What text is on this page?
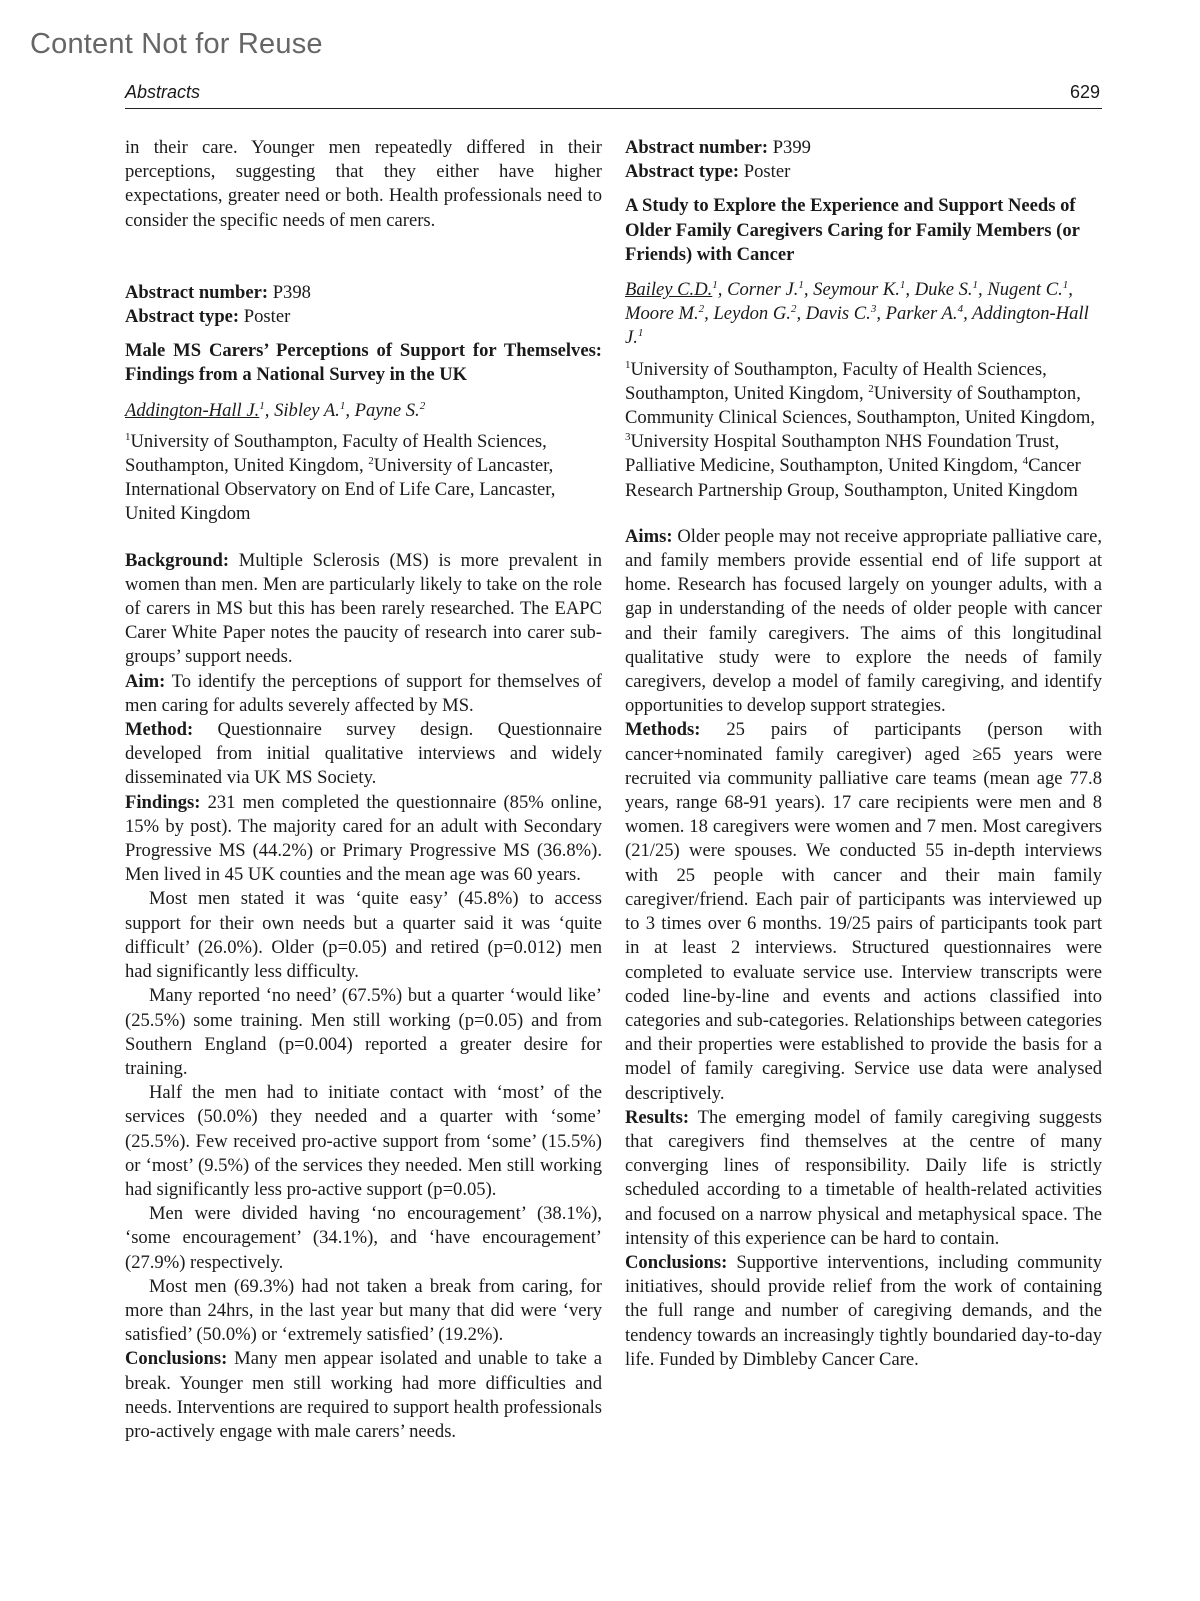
Content Not for Reuse
Abstracts	629

in their care. Younger men repeatedly differed in their perceptions, suggesting that they either have higher expectations, greater need or both. Health professionals need to consider the specific needs of men carers.

Abstract number: P398
Abstract type: Poster

Male MS Carers’ Perceptions of Support for Themselves: Findings from a National Survey in the UK

Addington-Hall J.$^1$, Sibley A.$^1$, Payne S.$^2$

$^1$University of Southampton, Faculty of Health Sciences, Southampton, United Kingdom, $^2$University of Lancaster, International Observatory on End of Life Care, Lancaster, United Kingdom

Background: Multiple Sclerosis (MS) is more prevalent in women than men. Men are particularly likely to take on the role of carers in MS but this has been rarely researched. The EAPC Carer White Paper notes the paucity of research into carer sub-groups’ support needs.

Aim: To identify the perceptions of support for themselves of men caring for adults severely affected by MS.

Method: Questionnaire survey design. Questionnaire developed from initial qualitative interviews and widely disseminated via UK MS Society.

Findings: 231 men completed the questionnaire (85% online, 15% by post). The majority cared for an adult with Secondary Progressive MS (44.2%) or Primary Progressive MS (36.8%). Men lived in 45 UK counties and the mean age was 60 years.

Most men stated it was ‘quite easy’ (45.8%) to access support for their own needs but a quarter said it was ‘quite difficult’ (26.0%). Older (p=0.05) and retired (p=0.012) men had significantly less difficulty.

Many reported ‘no need’ (67.5%) but a quarter ‘would like’ (25.5%) some training. Men still working (p=0.05) and from Southern England (p=0.004) reported a greater desire for training.

Half the men had to initiate contact with ‘most’ of the services (50.0%) they needed and a quarter with ‘some’ (25.5%). Few received pro-active support from ‘some’ (15.5%) or ‘most’ (9.5%) of the services they needed. Men still working had significantly less pro-active support (p=0.05).

Men were divided having ‘no encouragement’ (38.1%), ‘some encouragement’ (34.1%), and ‘have encouragement’ (27.9%) respectively.

Most men (69.3%) had not taken a break from caring, for more than 24hrs, in the last year but many that did were ‘very satisfied’ (50.0%) or ‘extremely satisfied’ (19.2%).

Conclusions: Many men appear isolated and unable to take a break. Younger men still working had more difficulties and needs. Interventions are required to support health professionals pro-actively engage with male carers’ needs.

Abstract number: P399
Abstract type: Poster

A Study to Explore the Experience and Support Needs of Older Family Caregivers Caring for Family Members (or Friends) with Cancer

Bailey C.D.$^1$, Corner J.$^1$, Seymour K.$^1$, Duke S.$^1$, Nugent C.$^1$, Moore M.$^2$, Leydon G.$^2$, Davis C.$^3$, Parker A.$^4$, Addington-Hall J.$^1$

$^1$University of Southampton, Faculty of Health Sciences, Southampton, United Kingdom, $^2$University of Southampton, Community Clinical Sciences, Southampton, United Kingdom, $^3$University Hospital Southampton NHS Foundation Trust, Palliative Medicine, Southampton, United Kingdom, $^4$Cancer Research Partnership Group, Southampton, United Kingdom

Aims: Older people may not receive appropriate palliative care, and family members provide essential end of life support at home. Research has focused largely on younger adults, with a gap in understanding of the needs of older people with cancer and their family caregivers. The aims of this longitudinal qualitative study were to explore the needs of family caregivers, develop a model of family caregiving, and identify opportunities to develop support strategies.

Methods: 25 pairs of participants (person with cancer+nominated family caregiver) aged ≥65 years were recruited via community palliative care teams (mean age 77.8 years, range 68-91 years). 17 care recipients were men and 8 women. 18 caregivers were women and 7 men. Most caregivers (21/25) were spouses. We conducted 55 in-depth interviews with 25 people with cancer and their main family caregiver/friend. Each pair of participants was interviewed up to 3 times over 6 months. 19/25 pairs of participants took part in at least 2 interviews. Structured questionnaires were completed to evaluate service use. Interview transcripts were coded line-by-line and events and actions classified into categories and sub-categories. Relationships between categories and their properties were established to provide the basis for a model of family caregiving. Service use data were analysed descriptively.

Results: The emerging model of family caregiving suggests that caregivers find themselves at the centre of many converging lines of responsibility. Daily life is strictly scheduled according to a timetable of health-related activities and focused on a narrow physical and metaphysical space. The intensity of this experience can be hard to contain.

Conclusions: Supportive interventions, including community initiatives, should provide relief from the work of containing the full range and number of caregiving demands, and the tendency towards an increasingly tightly boundaried day-to-day life. Funded by Dimbleby Cancer Care.
